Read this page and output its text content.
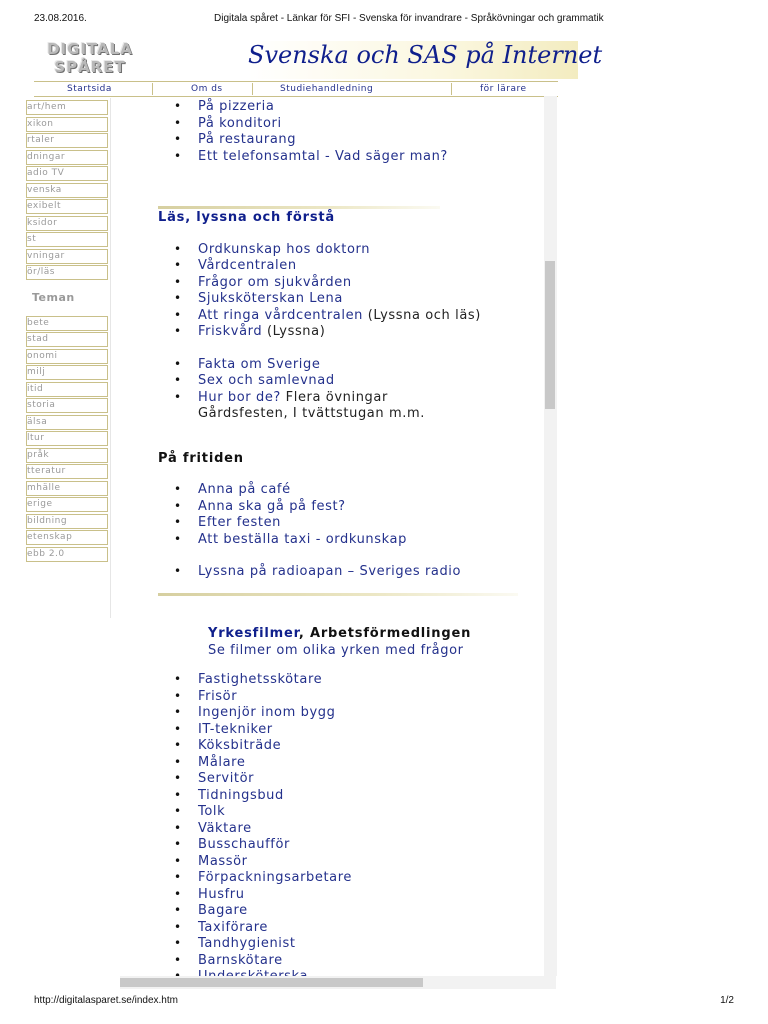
23.08.2016.	Digitala spåret - Länkar för SFI - Svenska för invandrare - Språkövningar och grammatik
DIGITALA
SPÅRET	Svenska och SAS på Internet
Startsida	Om ds	Studiehandledning	för lärare
art/hem
xikon
rtaler
dningar
adio TV
venska
exibelt
ksidor
st
vningar
ör/läs
Teman
bete
stad
onomi
milj
itid
storia
älsa
ltur
pråk
tteratur
mhälle
erige
bildning
etenskap
ebb 2.0
• På pizzeria
• På konditori
• På restaurang
• Ett telefonsamtal - Vad säger man?
Läs, lyssna och förstå
• Ordkunskap hos doktorn
• Vårdcentralen
• Frågor om sjukvården
• Sjuksköterskan Lena
• Att ringa vårdcentralen (Lyssna och läs)
• Friskvård (Lyssna)
• Fakta om Sverige
• Sex och samlevnad
• Hur bor de? Flera övningar
Gårdsfesten, I tvättstugan m.m.
På fritiden
• Anna på café
• Anna ska gå på fest?
• Efter festen
• Att beställa taxi - ordkunskap
• Lyssna på radioapan – Sveriges radio
Yrkesfilmer, Arbetsförmedlingen
Se filmer om olika yrken med frågor
• Fastighetsskötare
• Frisör
• Ingenjör inom bygg
• IT-tekniker
• Köksbiträde
• Målare
• Servitör
• Tidningsbud
• Tolk
• Väktare
• Busschaufför
• Massör
• Förpackningsarbetare
• Husfru
• Bagare
• Taxiförare
• Tandhygienist
• Barnskötare
http://digitalasparet.se/index.htm	1/2
